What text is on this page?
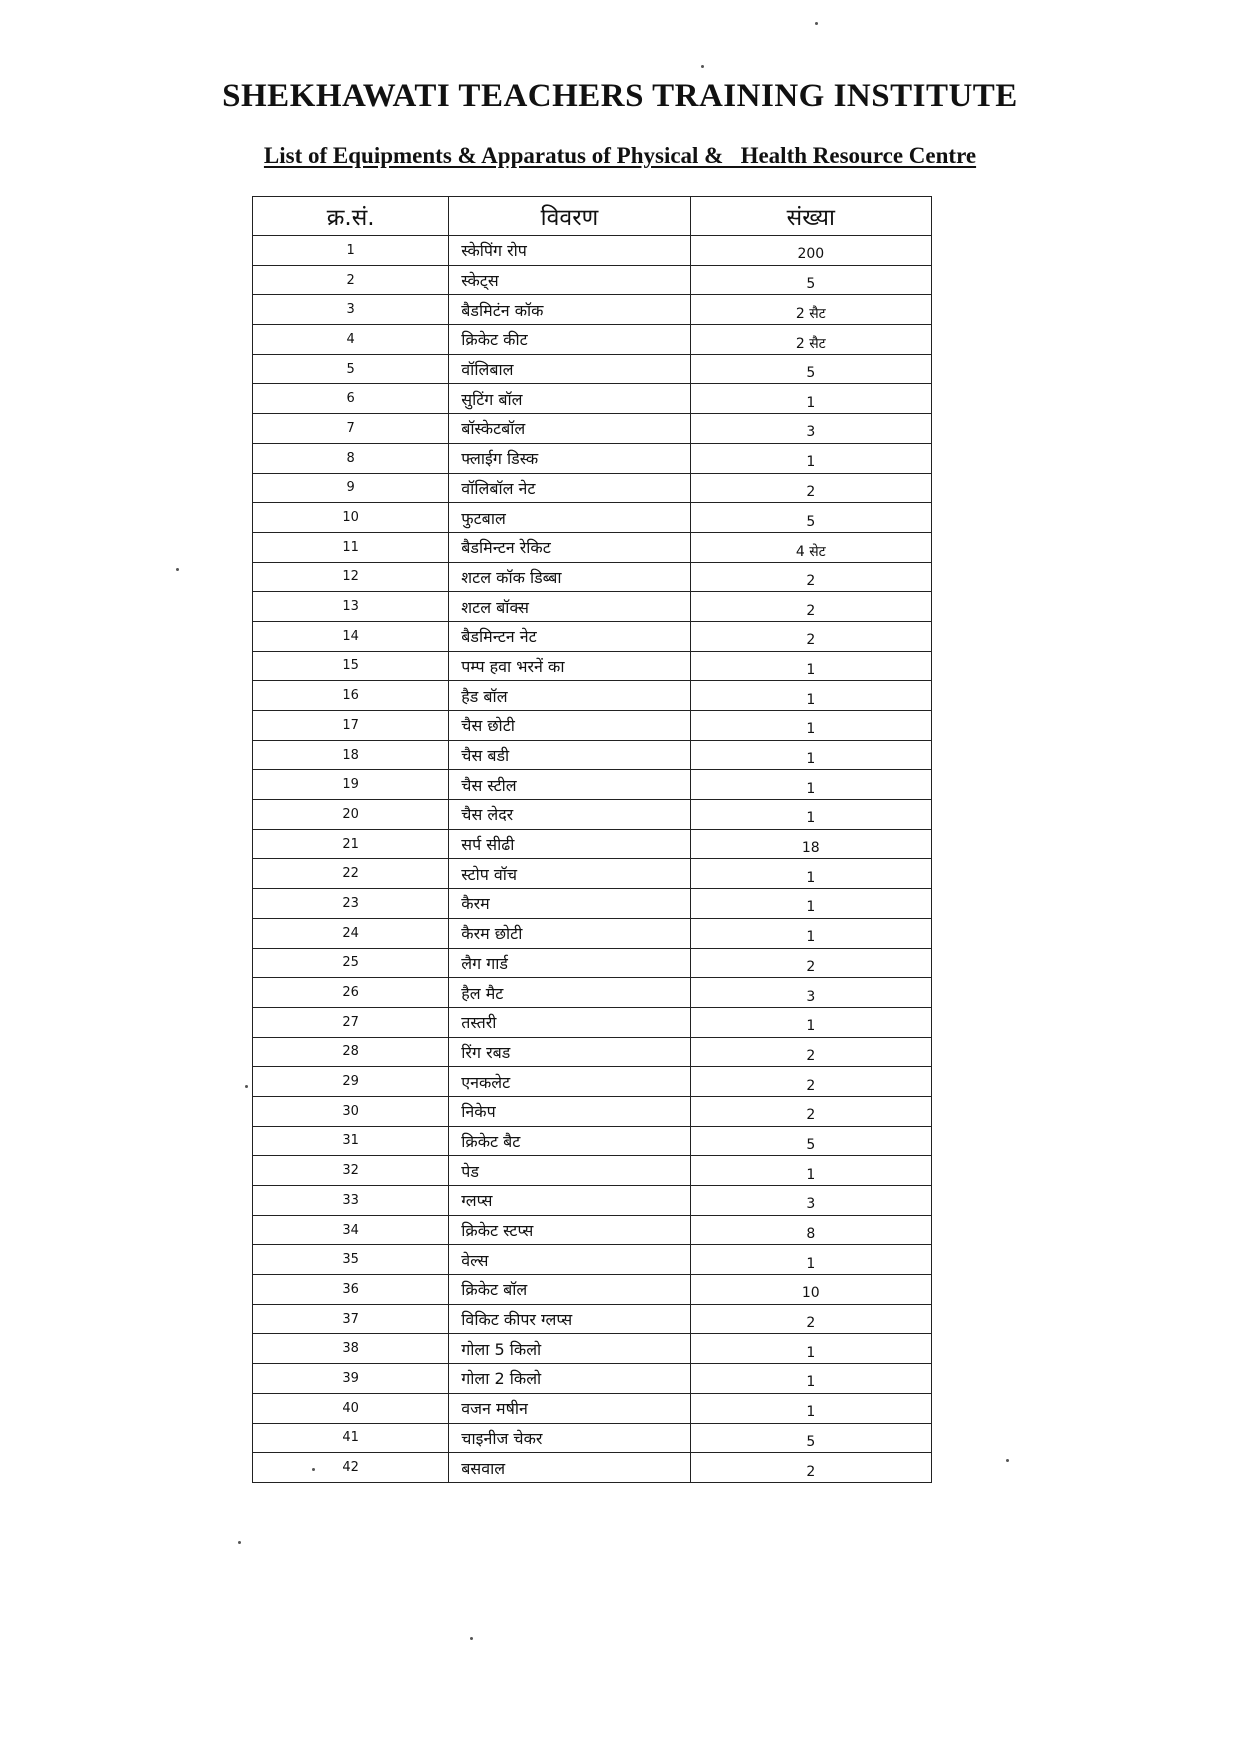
SHEKHAWATI TEACHERS TRAINING INSTITUTE
List of Equipments & Apparatus of Physical &   Health Resource Centre
क्र.सं.	विवरण	संख्या
1	स्केपिंग रोप	200
2	स्केट्स	5
3	बैडमिटंन कॉक	2 सैट
4	क्रिकेट कीट	2 सैट
5	वॉलिबाल	5
6	सुटिंग बॉल	1
7	बॉस्केटबॉल	3
8	फ्लाईग डिस्क	1
9	वॉलिबॉल नेट	2
10	फुटबाल	5
11	बैडमिन्टन रेकिट	4 सेट
12	शटल कॉक डिब्बा	2
13	शटल बॉक्स	2
14	बैडमिन्टन नेट	2
15	पम्प हवा भरनें का	1
16	हैड बॉल	1
17	चैस छोटी	1
18	चैस बडी	1
19	चैस स्टील	1
20	चैस लेदर	1
21	सर्प सीढी	18
22	स्टोप वॉच	1
23	कैरम	1
24	कैरम छोटी	1
25	लैग गार्ड	2
26	हैल मैट	3
27	तस्तरी	1
28	रिंग रबड	2
29	एनकलेट	2
30	निकेप	2
31	क्रिकेट बैट	5
32	पेड	1
33	ग्लप्स	3
34	क्रिकेट स्टप्स	8
35	वेल्स	1
36	क्रिकेट बॉल	10
37	विकिट कीपर ग्लप्स	2
38	गोला 5 किलो	1
39	गोला 2 किलो	1
40	वजन मषीन	1
41	चाइनीज चेकर	5
42	बसवाल	2
